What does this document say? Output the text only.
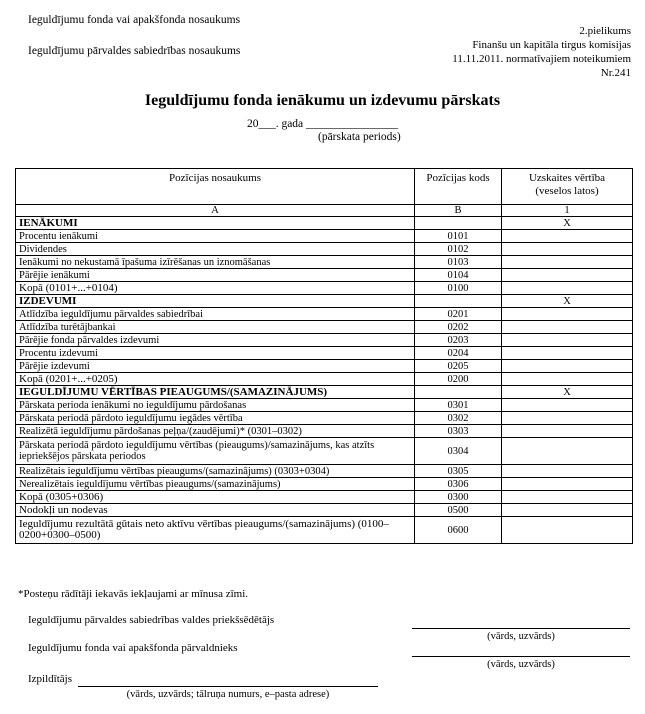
Ieguldījumu fonda vai apakšfonda nosaukums
Ieguldījumu pārvaldes sabiedrības nosaukums
2.pielikums
Finanšu un kapitāla tirgus komisijas
11.11.2011. normatīvajiem noteikumiem
Nr.241
Ieguldījumu fonda ienākumu un izdevumu pārskats
20___. gada ________________
(pārskata periods)
Pozīcijas nosaukums	Pozīcijas kods	Uzskaites vērtība
(veselos latos)

A	B	1
IENĀKUMI		X
Procentu ienākumi	0101	
Dividendes	0102	
Ienākumi no nekustamā īpašuma izīrēšanas un iznomāšanas	0103	
Pārējie ienākumi	0104	
Kopā (0101+...+0104)	0100	
IZDEVUMI		X
Atlīdzība ieguldījumu pārvaldes sabiedrībai	0201	
Atlīdzība turētājbankai	0202	
Pārējie fonda pārvaldes izdevumi	0203	
Procentu izdevumi	0204	
Pārējie izdevumi	0205	
Kopā (0201+...+0205)	0200	
IEGULDĪJUMU VĒRTĪBAS PIEAUGUMS/(SAMAZINĀJUMS)		X
Pārskata perioda ienākumi no ieguldījumu pārdošanas	0301	
Pārskata periodā pārdoto ieguldījumu iegādes vērtība	0302	
Realizētā ieguldījumu pārdošanas peļņa/(zaudējumi)* (0301–0302)	0303	
Pārskata periodā pārdoto ieguldījumu vērtības (pieaugums)/samazinājums, kas atzīts iepriekšējos pārskata periodos	0304	
Realizētais ieguldījumu vērtības pieaugums/(samazinājums) (0303+0304)	0305	
Nerealizētais ieguldījumu vērtības pieaugums/(samazinājums)	0306	
Kopā (0305+0306)	0300	
Nodokļi un nodevas	0500	
Ieguldījumu rezultātā gūtais neto aktīvu vērtības pieaugums/(samazinājums) (0100–0200+0300–0500)	0600	
*Posteņu rādītāji iekavās iekļaujami ar mīnusa zīmi.
Ieguldījumu pārvaldes sabiedrības valdes priekšsēdētājs
(vārds, uzvārds)
Ieguldījumu fonda vai apakšfonda pārvaldnieks
(vārds, uzvārds)
Izpildītājs
(vārds, uzvārds; tālruņa numurs, e–pasta adrese)
